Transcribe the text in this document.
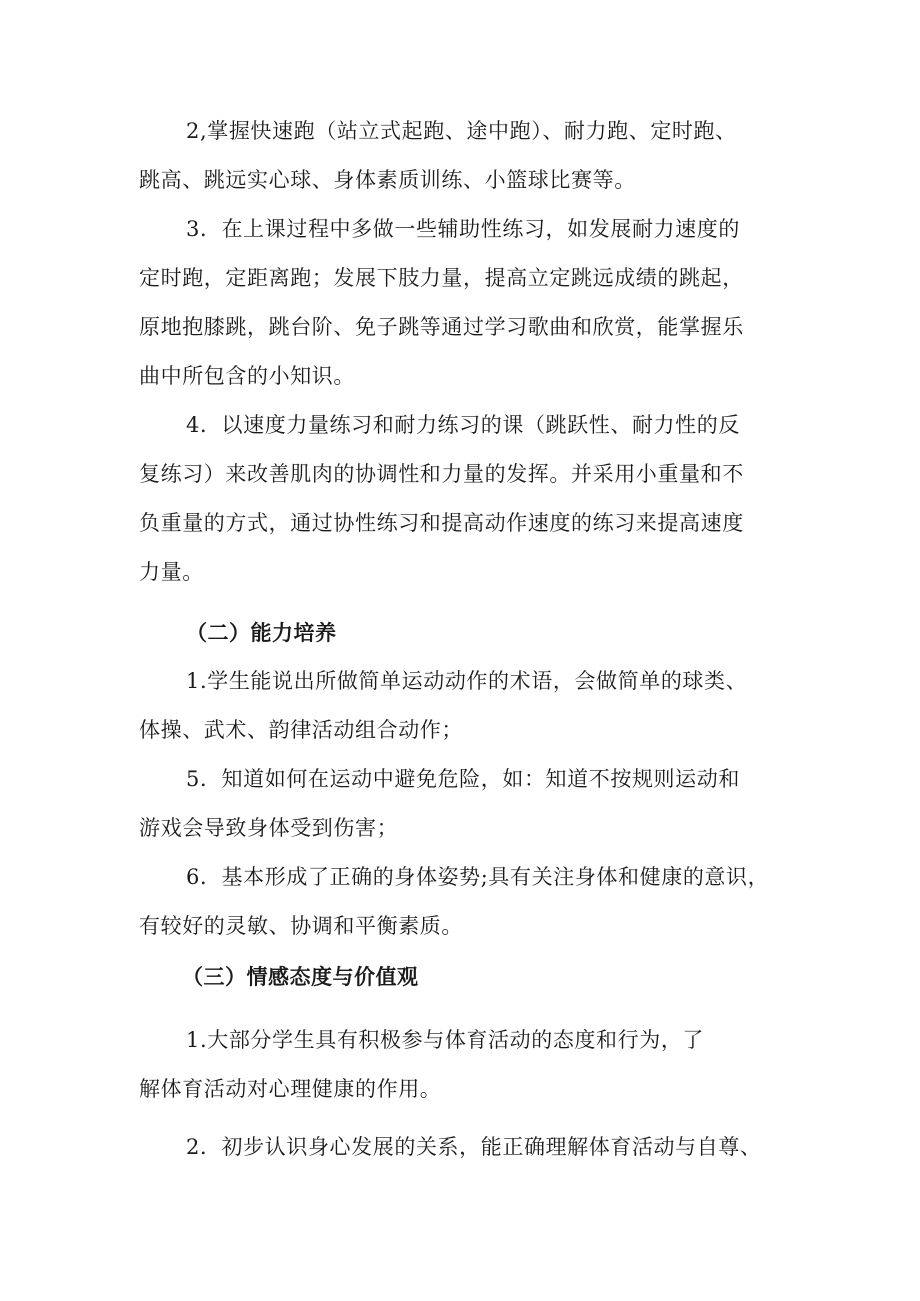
2,掌握快速跑（站立式起跑、途中跑）、耐力跑、定时跑、
跳高、跳远实心球、身体素质训练、小篮球比赛等。
3．在上课过程中多做一些辅助性练习，如发展耐力速度的
定时跑，定距离跑；发展下肢力量，提高立定跳远成绩的跳起，
原地抱膝跳，跳台阶、免子跳等通过学习歌曲和欣赏，能掌握乐
曲中所包含的小知识。
4．以速度力量练习和耐力练习的课（跳跃性、耐力性的反
复练习）来改善肌肉的协调性和力量的发挥。并采用小重量和不
负重量的方式，通过协性练习和提高动作速度的练习来提高速度
力量。
（二）能力培养
1.学生能说出所做简单运动动作的术语，会做简单的球类、
体操、武术、韵律活动组合动作；
5．知道如何在运动中避免危险，如：知道不按规则运动和
游戏会导致身体受到伤害；
6．基本形成了正确的身体姿势;具有关注身体和健康的意识，
有较好的灵敏、协调和平衡素质。
（三）情感态度与价值观
1.大部分学生具有积极参与体育活动的态度和行为，了
解体育活动对心理健康的作用。
2．初步认识身心发展的关系，能正确理解体育活动与自尊、
